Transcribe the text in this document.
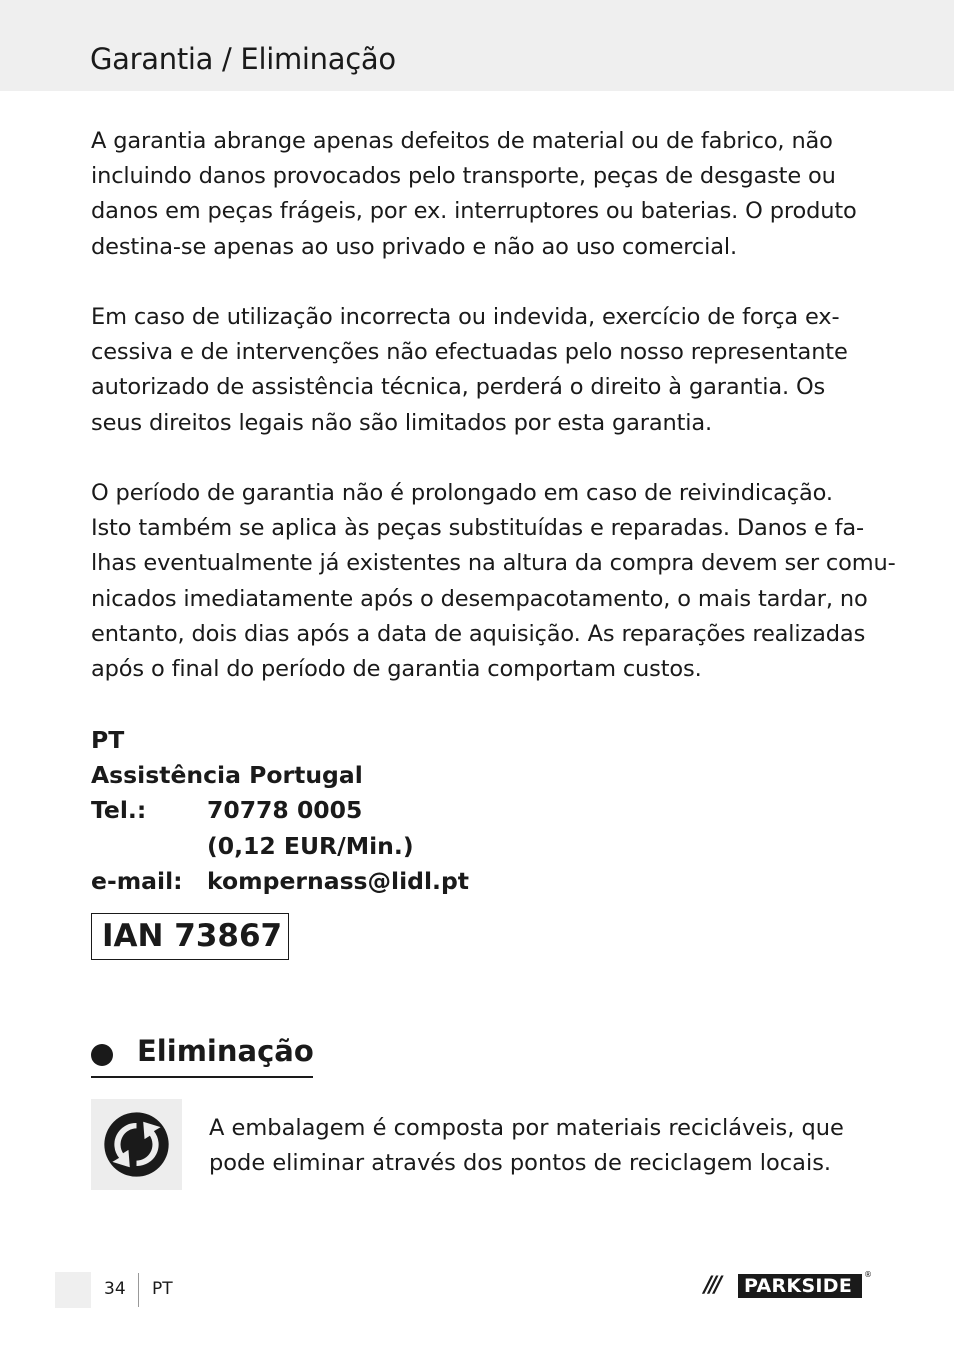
Garantia / Eliminação

A garantia abrange apenas defeitos de material ou de fabrico, não
incluindo danos provocados pelo transporte, peças de desgaste ou
danos em peças frágeis, por ex. interruptores ou baterias. O produto
destina-se apenas ao uso privado e não ao uso comercial.

Em caso de utilização incorrecta ou indevida, exercício de força ex-
cessiva e de intervenções não efectuadas pelo nosso representante
autorizado de assistência técnica, perderá o direito à garantia. Os
seus direitos legais não são limitados por esta garantia.

O período de garantia não é prolongado em caso de reivindicação.
Isto também se aplica às peças substituídas e reparadas. Danos e fa-
lhas eventualmente já existentes na altura da compra devem ser comu-
nicados imediatamente após o desempacotamento, o mais tardar, no
entanto, dois dias após a data de aquisição. As reparações realizadas
após o final do período de garantia comportam custos.

PT
Assistência Portugal
Tel.:	70778 0005
(0,12 EUR/Min.)
e-mail: kompernass@lidl.pt
IAN 73867
Eliminação

A embalagem é composta por materiais recicláveis, que
pode eliminar através dos pontos de reciclagem locais.

34 PT	/// PARKSIDE
®
